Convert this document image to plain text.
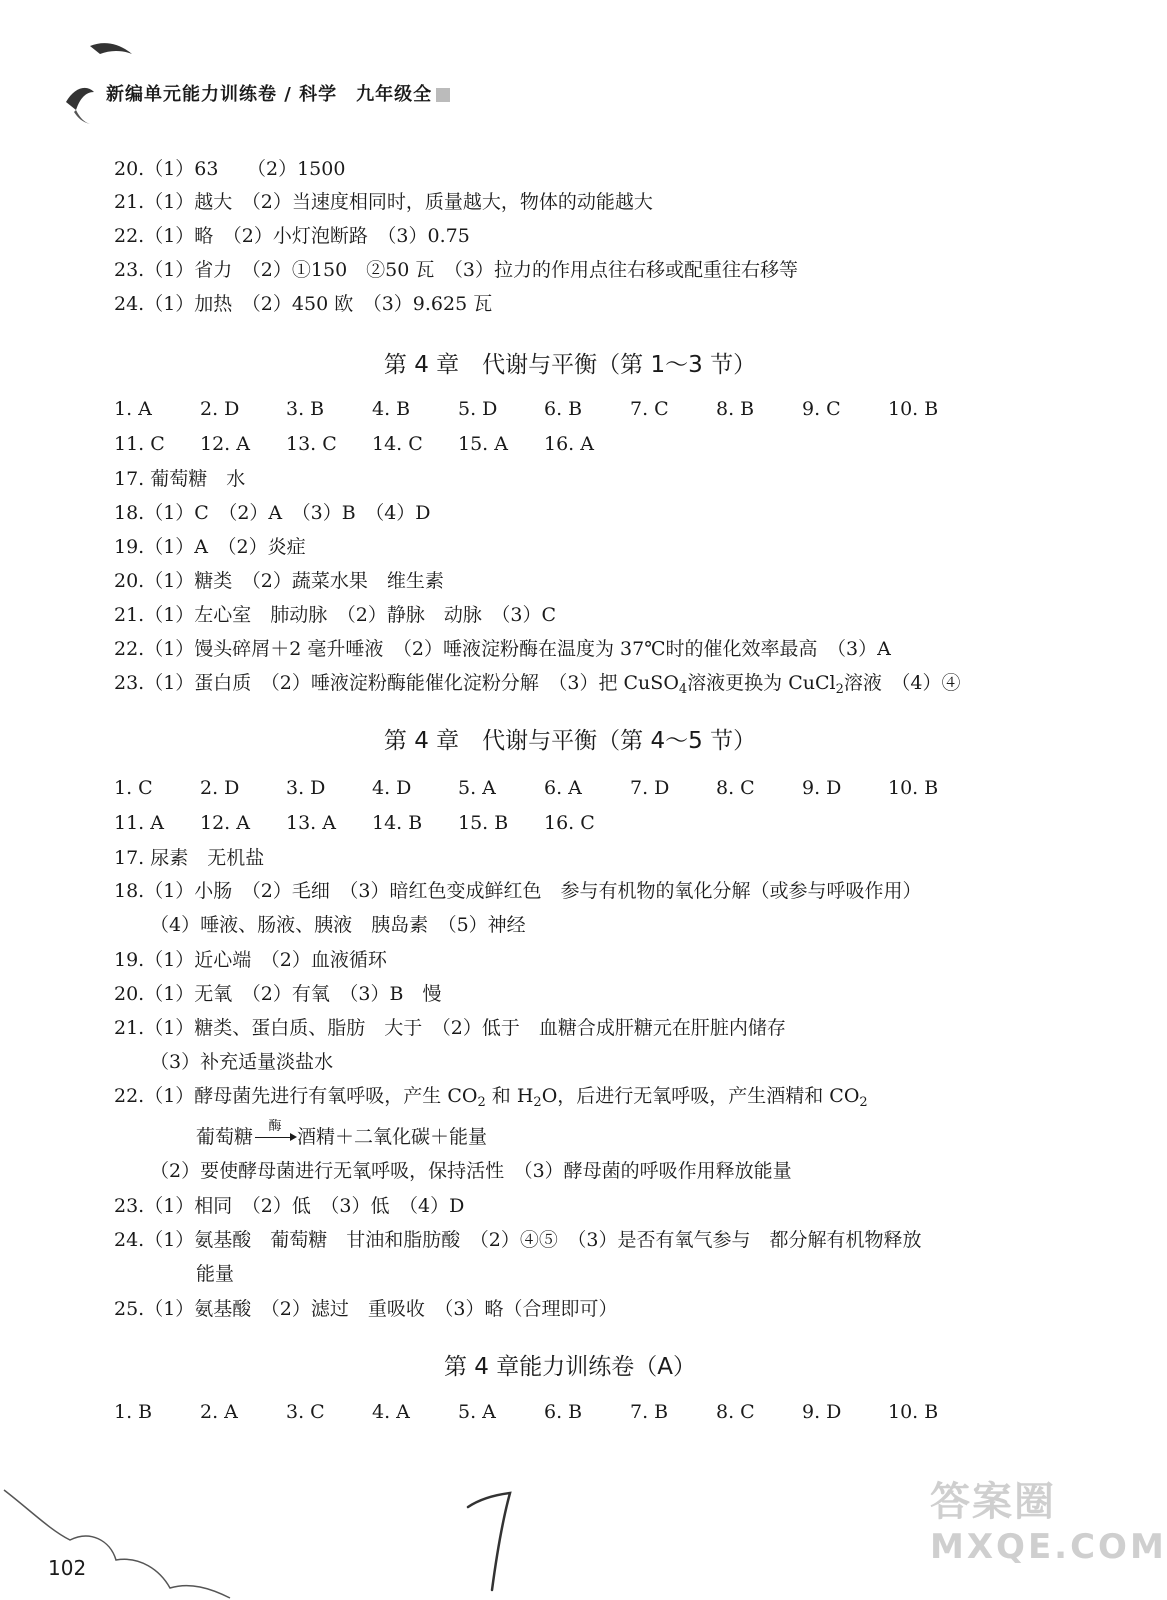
新编单元能力训练卷 / 科学　 九年级全
20.（1）63　　（2）1500
21.（1）越大　（2）当速度相同时，质量越大，物体的动能越大
22.（1）略　（2）小灯泡断路　（3）0.75
23.（1）省力　（2）①150　②50 瓦　（3）拉力的作用点往右移或配重往右移等
24.（1）加热　（2）450 欧　（3）9.625 瓦
第 4 章　代谢与平衡（第 1～3 节）
1. A	2. D 3. B	4. B	5. D 6. B	7. C 8. B	9. C 10. B
11. C 12. A 13. C 14. C 15. A 16. A
17. 葡萄糖　水
18.（1）C　（2）A　（3）B　（4）D
19.（1）A　（2）炎症
20.（1）糖类　（2）蔬菜水果　维生素
21.（1）左心室　肺动脉　（2）静脉　动脉　（3）C
22.（1）馒头碎屑＋2 毫升唾液　（2）唾液淀粉酶在温度为 37℃时的催化效率最高　（3）A
23.（1）蛋白质　（2）唾液淀粉酶能催化淀粉分解　（3）把 CuSO$_4$溶液更换为 CuCl$_2$溶液　（4）④
第 4 章　代谢与平衡（第 4～5 节）
1. C 2. D 3. D 4. D 5. A	6. A	7. D 8. C 9. D 10. B
11. A 12. A 13. A 14. B 15. B 16. C
17. 尿素　无机盐
18.（1）小肠　（2）毛细　（3）暗红色变成鲜红色　参与有机物的氧化分解（或参与呼吸作用）
（4）唾液、肠液、胰液　胰岛素　（5）神经
19.（1）近心端　（2）血液循环
20.（1）无氧　（2）有氧　（3）B　慢
21.（1）糖类、蛋白质、脂肪　大于　（2）低于　血糖合成肝糖元在肝脏内储存
（3）补充适量淡盐水
22.（1）酵母菌先进行有氧呼吸，产生 $CO_2$ 和 $H_2O$，后进行无氧呼吸，产生酒精和 $CO_2$
葡萄糖	酶 酒精＋二氧化碳＋能量
（2）要使酵母菌进行无氧呼吸，保持活性　（3）酵母菌的呼吸作用释放能量
23.（1）相同　（2）低　（3）低　（4）D
24.（1）氨基酸　葡萄糖　甘油和脂肪酸　（2）④⑤　（3）是否有氧气参与　都分解有机物释放
能量
25.（1）氨基酸　（2）滤过　重吸收　（3）略（合理即可）
第 4 章能力训练卷（A）
1. B	2. A	3. C 4. A	5. A	6. B	7. B	8. C 9. D 10. B
102
答案圈
MXQE.COM
